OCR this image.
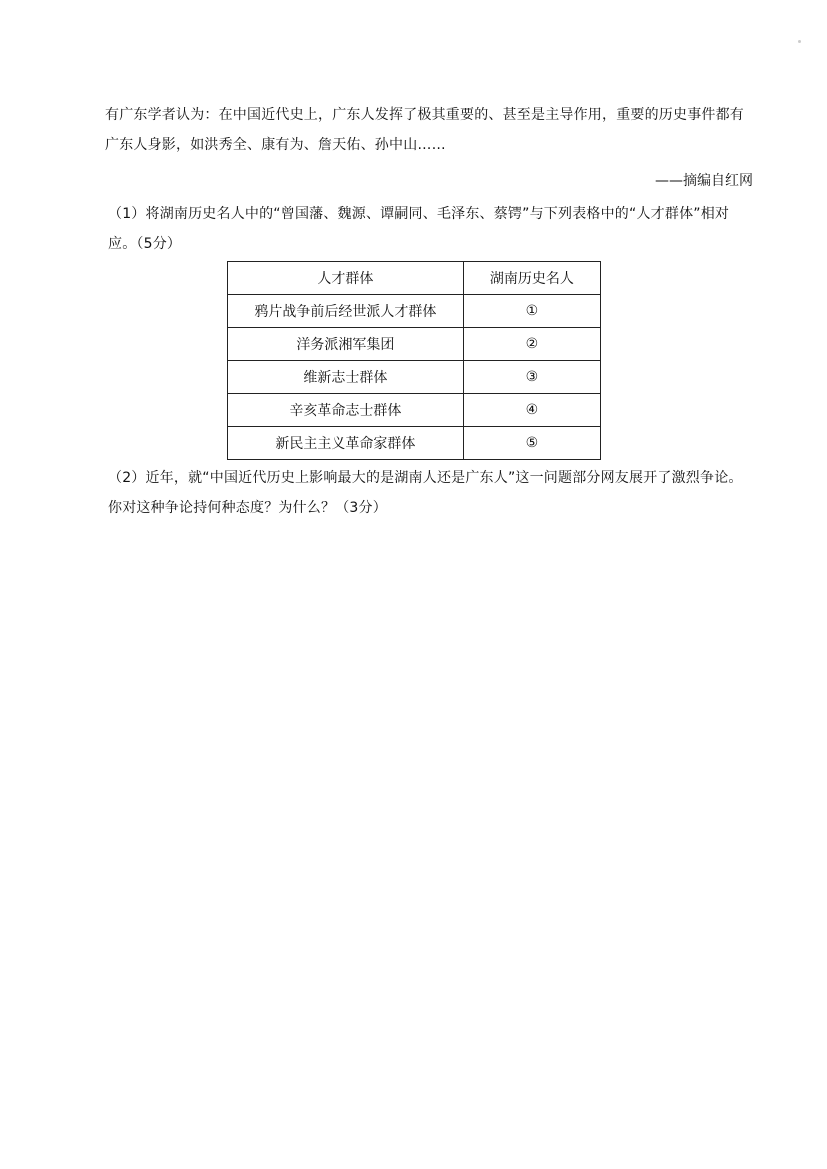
有广东学者认为：在中国近代史上，广东人发挥了极其重要的、甚至是主导作用，重要的历史事件都有广东人身影，如洪秀全、康有为、詹天佑、孙中山……

——摘编自红网

（1）将湖南历史名人中的“曾国藩、魏源、谭嗣同、毛泽东、蔡锷”与下列表格中的“人才群体”相对应。（5分）

人才群体	湖南历史名人
鸦片战争前后经世派人才群体	①
洋务派湘军集团	②
维新志士群体	③
辛亥革命志士群体	④
新民主主义革命家群体	⑤

（2）近年，就“中国近代历史上影响最大的是湖南人还是广东人”这一问题部分网友展开了激烈争论。你对这种争论持何种态度？为什么？（3分）
